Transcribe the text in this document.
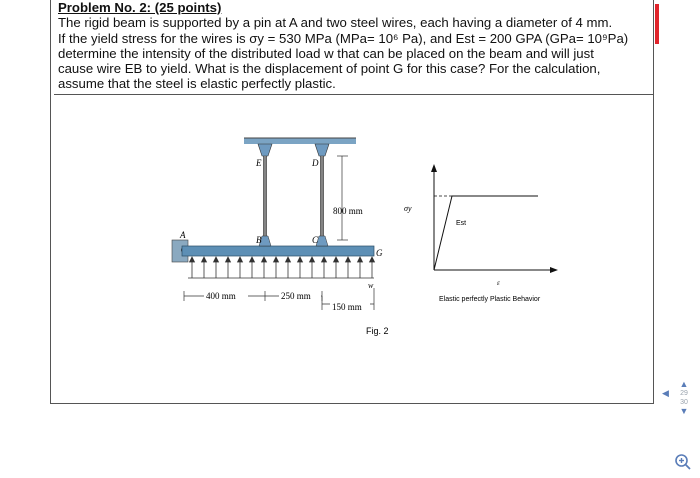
Problem No. 2: (25 points)
The rigid beam is supported by a pin at A and two steel wires, each having a diameter of 4 mm.
If the yield stress for the wires is σy = 530 MPa (MPa= 10⁶ Pa), and Est = 200 GPA (GPa= 10⁹Pa)
determine the intensity of the distributed load w that can be placed on the beam and will just
cause wire EB to yield. What is the displacement of point G for this case? For the calculation,
assume that the steel is elastic perfectly plastic.
800 mm
E	D
A	B	C
G
w
400 mm	250 mm
150 mm
Fig. 2
σy
Est
ε
Elastic perfectly Plastic Behavior
▲
29
30
▼
◀
